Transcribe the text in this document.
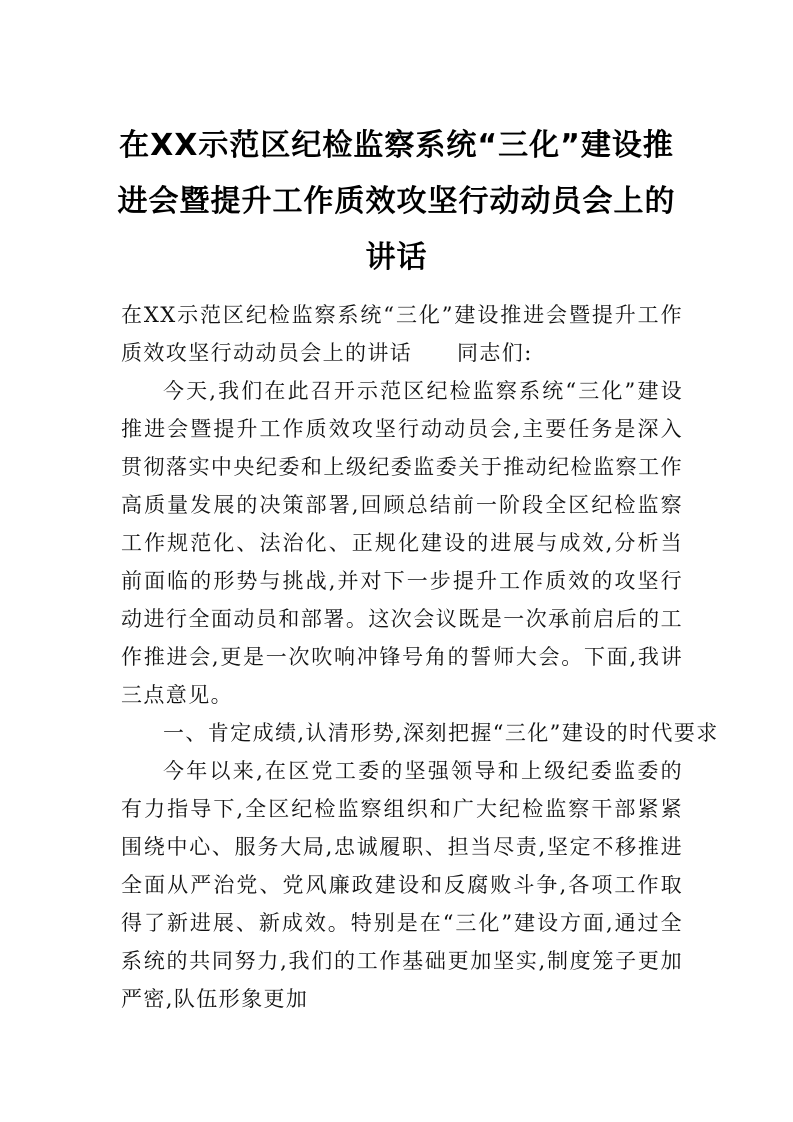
在XX示范区纪检监察系统“三化”建设推进会暨提升工作质效攻坚行动动员会上的讲话

在XX示范区纪检监察系统“三化”建设推进会暨提升工作质效攻坚行动动员会上的讲话　　同志们:

今天,我们在此召开示范区纪检监察系统“三化”建设推进会暨提升工作质效攻坚行动动员会,主要任务是深入贯彻落实中央纪委和上级纪委监委关于推动纪检监察工作高质量发展的决策部署,回顾总结前一阶段全区纪检监察工作规范化、法治化、正规化建设的进展与成效,分析当前面临的形势与挑战,并对下一步提升工作质效的攻坚行动进行全面动员和部署。这次会议既是一次承前启后的工作推进会,更是一次吹响冲锋号角的誓师大会。下面,我讲三点意见。

一、肯定成绩,认清形势,深刻把握“三化”建设的时代要求

今年以来,在区党工委的坚强领导和上级纪委监委的有力指导下,全区纪检监察组织和广大纪检监察干部紧紧围绕中心、服务大局,忠诚履职、担当尽责,坚定不移推进全面从严治党、党风廉政建设和反腐败斗争,各项工作取得了新进展、新成效。特别是在“三化”建设方面,通过全系统的共同努力,我们的工作基础更加坚实,制度笼子更加严密,队伍形象更加
